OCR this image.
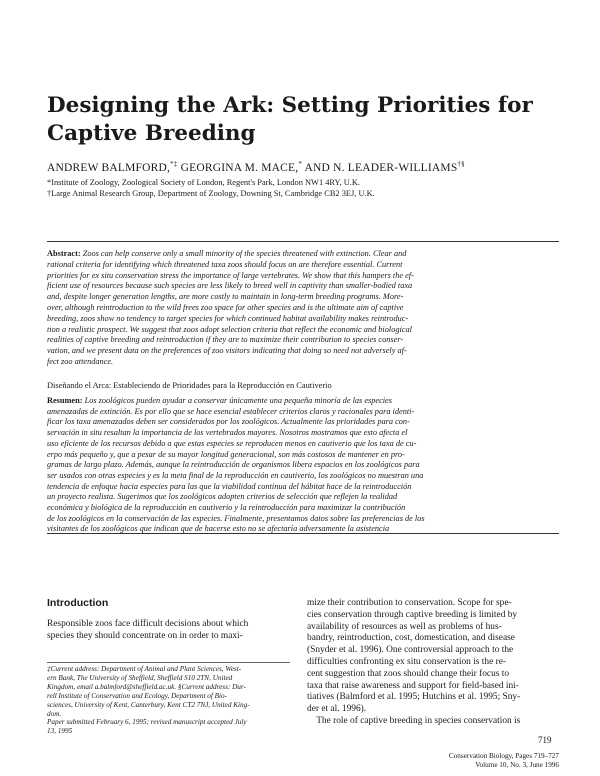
Designing the Ark: Setting Priorities for
Captive Breeding
ANDREW BALMFORD,*‡ GEORGINA M. MACE,* AND N. LEADER-WILLIAMS†§
*Institute of Zoology, Zoological Society of London, Regent's Park, London NW1 4RY, U.K.
†Large Animal Research Group, Department of Zoology, Downing St, Cambridge CB2 3EJ, U.K.
Abstract: Zoos can help conserve only a small minority of the species threatened with extinction. Clear and
rational criteria for identifying which threatened taxa zoos should focus on are therefore essential. Current
priorities for ex situ conservation stress the importance of large vertebrates. We show that this hampers the ef-
ficient use of resources because such species are less likely to breed well in captivity than smaller-bodied taxa
and, despite longer generation lengths, are more costly to maintain in long-term breeding programs. More-
over, although reintroduction to the wild frees zoo space for other species and is the ultimate aim of captive
breeding, zoos show no tendency to target species for which continued habitat availability makes reintroduc-
tion a realistic prospect. We suggest that zoos adopt selection criteria that reflect the economic and biological
realities of captive breeding and reintroduction if they are to maximize their contribution to species conser-
vation, and we present data on the preferences of zoo visitors indicating that doing so need not adversely af-
fect zoo attendance.
Diseñando el Arca: Estableciendo de Prioridades para la Reproducción en Cautiverio
Resumen: Los zoológicos pueden ayudar a conservar únicamente una pequeña minoría de las especies
amenazadas de extinción. Es por ello que se hace esencial establecer criterios claros y racionales para identi-
ficar los taxa amenazados deben ser considerados por los zoológicos. Actualmente las prioridades para con-
servación in situ resaltan la importancia de los vertebrados mayores. Nosotros mostramos que esto afecta el
uso eficiente de los recursos debido a que estas especies se reproducen menos en cautiverio que los taxa de cu-
erpo más pequeño y, que a pesar de su mayor longitud generacional, son más costosos de mantener en pro-
gramas de largo plazo. Además, aunque la reintroducción de organismos libera espacios en los zoológicos para
ser usados con otras especies y es la meta final de la reproducción en cautiverio, los zoológicos no muestran una
tendencia de enfoque hacia especies para las que la viabilidad continua del hábitat hace de la reintroducción
un proyecto realista. Sugerimos que los zoológicos adopten criterios de selección que reflejen la realidad
económica y biológica de la reproducción en cautiverio y la reintroducción para maximizar la contribución
de los zoológicos en la conservación de las especies. Finalmente, presentamos datos sobre las preferencias de los
visitantes de los zoológicos que indican que de hacerse esto no se afectaría adversamente la asistencia
Introduction
Responsible zoos face difficult decisions about which
species they should concentrate on in order to maxi-
‡Current address: Department of Animal and Plant Sciences, West-
ern Bank, The University of Sheffield, Sheffield S10 2TN, United
Kingdom, email a.balmford@sheffield.ac.uk. §Current address: Dur-
rell Institute of Conservation and Ecology, Department of Bio-
sciences, University of Kent, Canterbury, Kent CT2 7NJ, United King-
dom.
Paper submitted February 6, 1995; revised manuscript accepted July
13, 1995
mize their contribution to conservation. Scope for spe-
cies conservation through captive breeding is limited by
availability of resources as well as problems of hus-
bandry, reintroduction, cost, domestication, and disease
(Snyder et al. 1996). One controversial approach to the
difficulties confronting ex situ conservation is the re-
cent suggestion that zoos should change their focus to
taxa that raise awareness and support for field-based ini-
tiatives (Balmford et al. 1995; Hutchins et al. 1995; Sny-
der et al. 1996).
The role of captive breeding in species conservation is
719
Conservation Biology, Pages 719–727
Volume 10, No. 3, June 1996
